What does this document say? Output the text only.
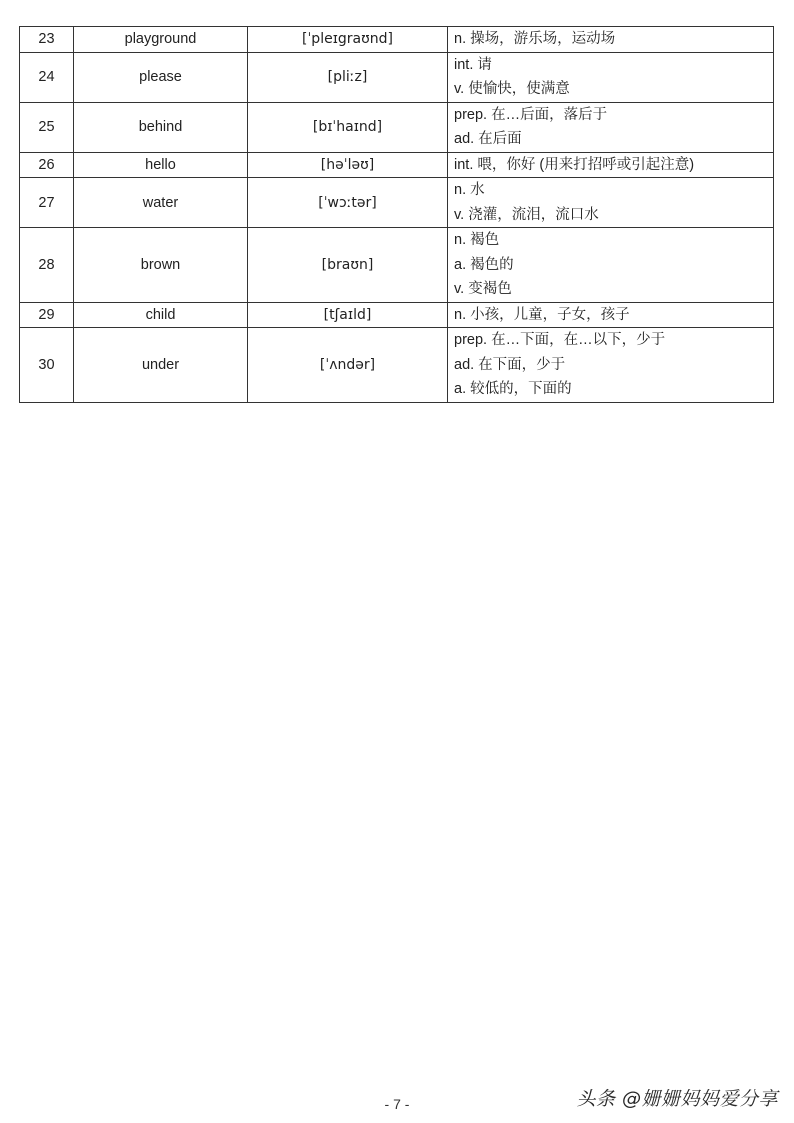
23	playground	[ˈpleɪgraʊnd]	n. 操场，游乐场，运动场

24	please	[pliːz]	int. 请
v. 使愉快，使满意

25	behind	[bɪˈhaɪnd]	prep. 在…后面，落后于
ad. 在后面

26	hello	[həˈləʊ]	int. 喂，你好 (用来打招呼或引起注意)

27	water	[ˈwɔːtər]	n. 水
v. 浇灌，流泪，流口水

28	brown	[braʊn]	n. 褐色
a. 褐色的
v. 变褐色

29	child	[tʃaɪld]	n. 小孩，儿童，子女，孩子

30	under	[ˈʌndər]	prep. 在…下面，在…以下，少于
ad. 在下面，少于
a. 较低的，下面的
- 7 -	头条 @姗姗妈妈爱分享
